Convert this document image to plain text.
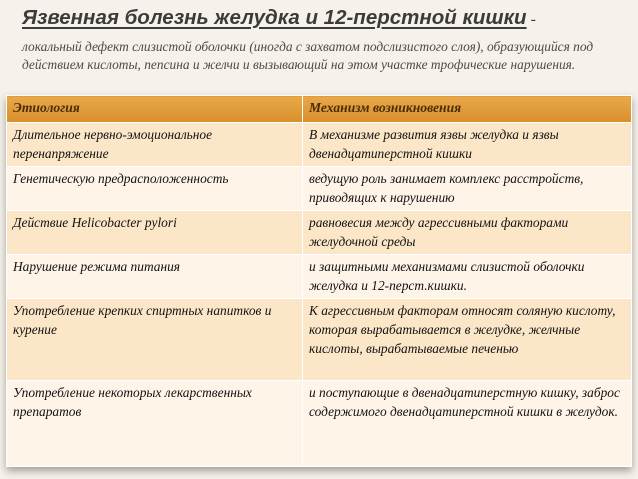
Язвенная болезнь желудка и 12-перстной кишки -
локальный дефект слизистой оболочки (иногда с захватом подслизистого слоя), образующийся под действием кислоты, пепсина и желчи и вызывающий на этом участке трофические нарушения.
Этиология	Механизм возникновения
Длительное нервно-эмоциональное перенапряжение	В механизме развития язвы желудка и язвы двенадцатиперстной кишки
Генетическую предрасположенность	ведущую роль занимает комплекс расстройств, приводящих к нарушению
Действие Helicobacter pylori	равновесия между агрессивными факторами желудочной среды
Нарушение режима питания	и защитными механизмами слизистой оболочки желудка и 12-перст.кишки.
Употребление крепких спиртных напитков и курение	К агрессивным факторам относят соляную кислоту, которая вырабатывается в желудке, желчные кислоты, вырабатываемые печенью
Употребление некоторых лекарственных препаратов	и поступающие в двенадцатиперстную кишку, заброс содержимого двенадцатиперстной кишки в желудок.
